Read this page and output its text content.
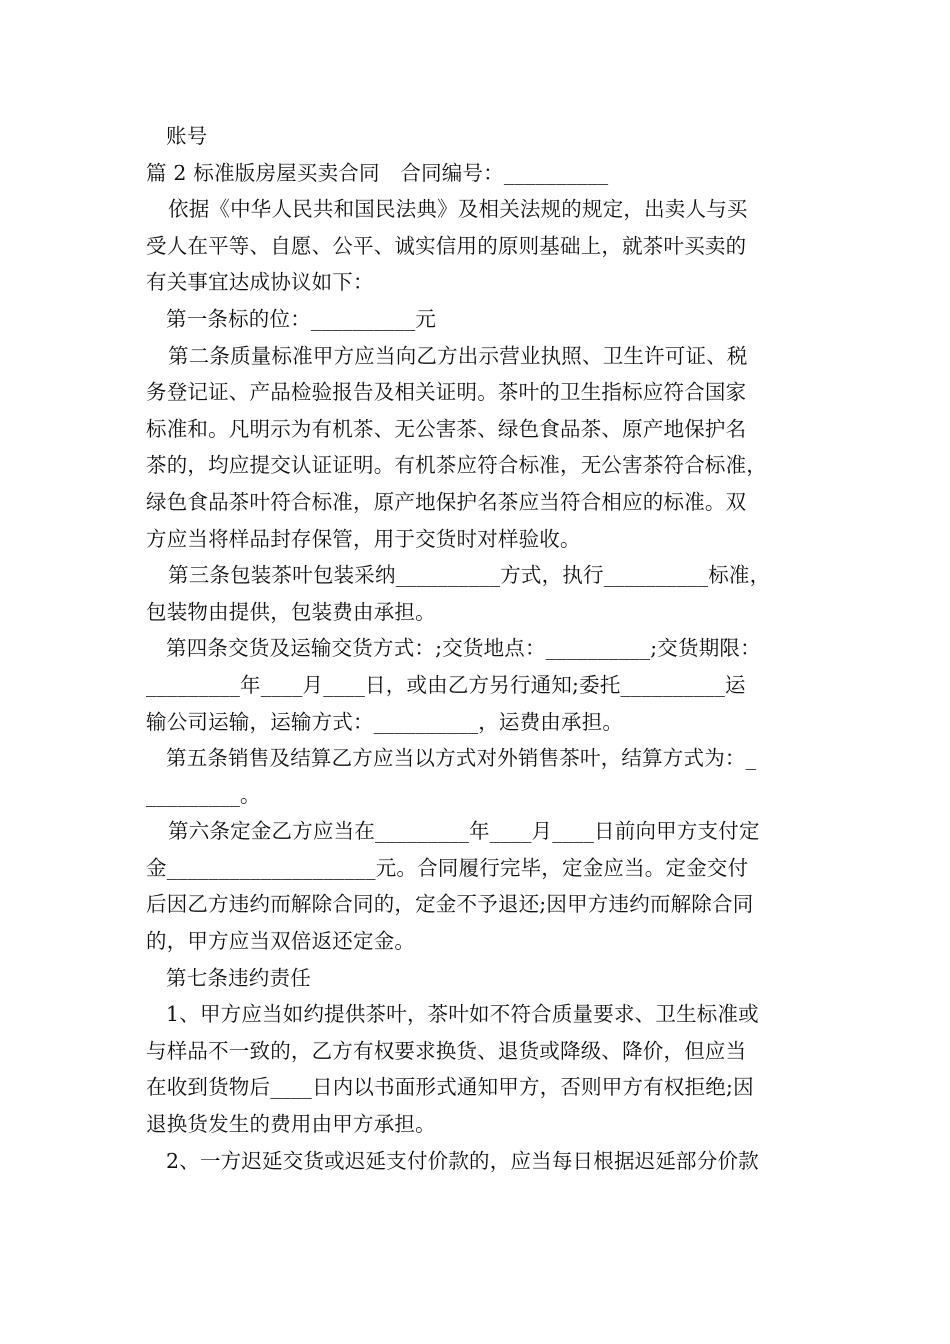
账号
篇 2 标准版房屋买卖合同　合同编号：__________
依据《中华人民共和国民法典》及相关法规的规定，出卖人与买
受人在平等、自愿、公平、诚实信用的原则基础上，就茶叶买卖的
有关事宜达成协议如下：
第一条标的位：__________元
第二条质量标准甲方应当向乙方出示营业执照、卫生许可证、税
务登记证、产品检验报告及相关证明。茶叶的卫生指标应符合国家
标准和。凡明示为有机茶、无公害茶、绿色食品茶、原产地保护名
茶的，均应提交认证证明。有机茶应符合标准，无公害茶符合标准，
绿色食品茶叶符合标准，原产地保护名茶应当符合相应的标准。双
方应当将样品封存保管，用于交货时对样验收。
第三条包装茶叶包装采纳__________方式，执行__________标准，
包装物由提供，包装费由承担。
第四条交货及运输交货方式：;交货地点：__________;交货期限：
_________年____月____日，或由乙方另行通知;委托__________运
输公司运输，运输方式：__________，运费由承担。
第五条销售及结算乙方应当以方式对外销售茶叶，结算方式为：_
_________。
第六条定金乙方应当在_________年____月____日前向甲方支付定
金____________________元。合同履行完毕，定金应当。定金交付
后因乙方违约而解除合同的，定金不予退还;因甲方违约而解除合同
的，甲方应当双倍返还定金。
第七条违约责任
1、甲方应当如约提供茶叶，茶叶如不符合质量要求、卫生标准或
与样品不一致的，乙方有权要求换货、退货或降级、降价，但应当
在收到货物后____日内以书面形式通知甲方，否则甲方有权拒绝;因
退换货发生的费用由甲方承担。
2、一方迟延交货或迟延支付价款的，应当每日根据迟延部分价款
